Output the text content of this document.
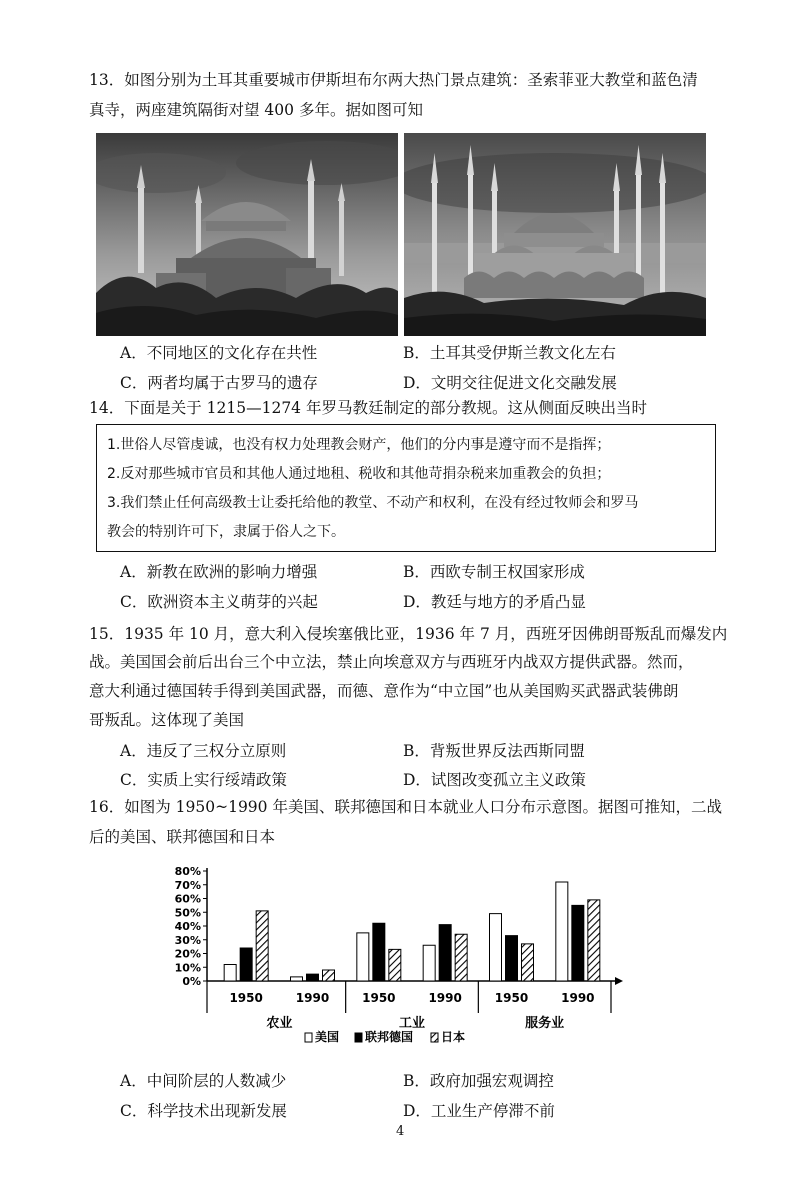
13．如图分别为土耳其重要城市伊斯坦布尔两大热门景点建筑：圣索菲亚大教堂和蓝色清
真寺，两座建筑隔街对望 400 多年。据如图可知
A．不同地区的文化存在共性	B．土耳其受伊斯兰教文化左右
C．两者均属于古罗马的遗存	D．文明交往促进文化交融发展
14．下面是关于 1215—1274 年罗马教廷制定的部分教规。这从侧面反映出当时
1.世俗人尽管虔诚，也没有权力处理教会财产，他们的分内事是遵守而不是指挥；
2.反对那些城市官员和其他人通过地租、税收和其他苛捐杂税来加重教会的负担；
3.我们禁止任何高级教士让委托给他的教堂、不动产和权利，在没有经过牧师会和罗马
教会的特别许可下，隶属于俗人之下。
A．新教在欧洲的影响力增强	B．西欧专制王权国家形成
C．欧洲资本主义萌芽的兴起	D．教廷与地方的矛盾凸显
15．1935 年 10 月，意大利入侵埃塞俄比亚，1936 年 7 月，西班牙因佛朗哥叛乱而爆发内
战。美国国会前后出台三个中立法，禁止向埃意双方与西班牙内战双方提供武器。然而，
意大利通过德国转手得到美国武器，而德、意作为“中立国”也从美国购买武器武装佛朗
哥叛乱。这体现了美国
A．违反了三权分立原则	B．背叛世界反法西斯同盟
C．实质上实行绥靖政策	D．试图改变孤立主义政策
16．如图为 1950~1990 年美国、联邦德国和日本就业人口分布示意图。据图可推知，二战
后的美国、联邦德国和日本
0%
10%
20%
30%
40%
50%
60%
70%
80%
1950	1990	1950	1990	1950	1990
农业	工业	服务业
美国 联邦德国 日本
A．中间阶层的人数减少	B．政府加强宏观调控
C．科学技术出现新发展	D．工业生产停滞不前
4
